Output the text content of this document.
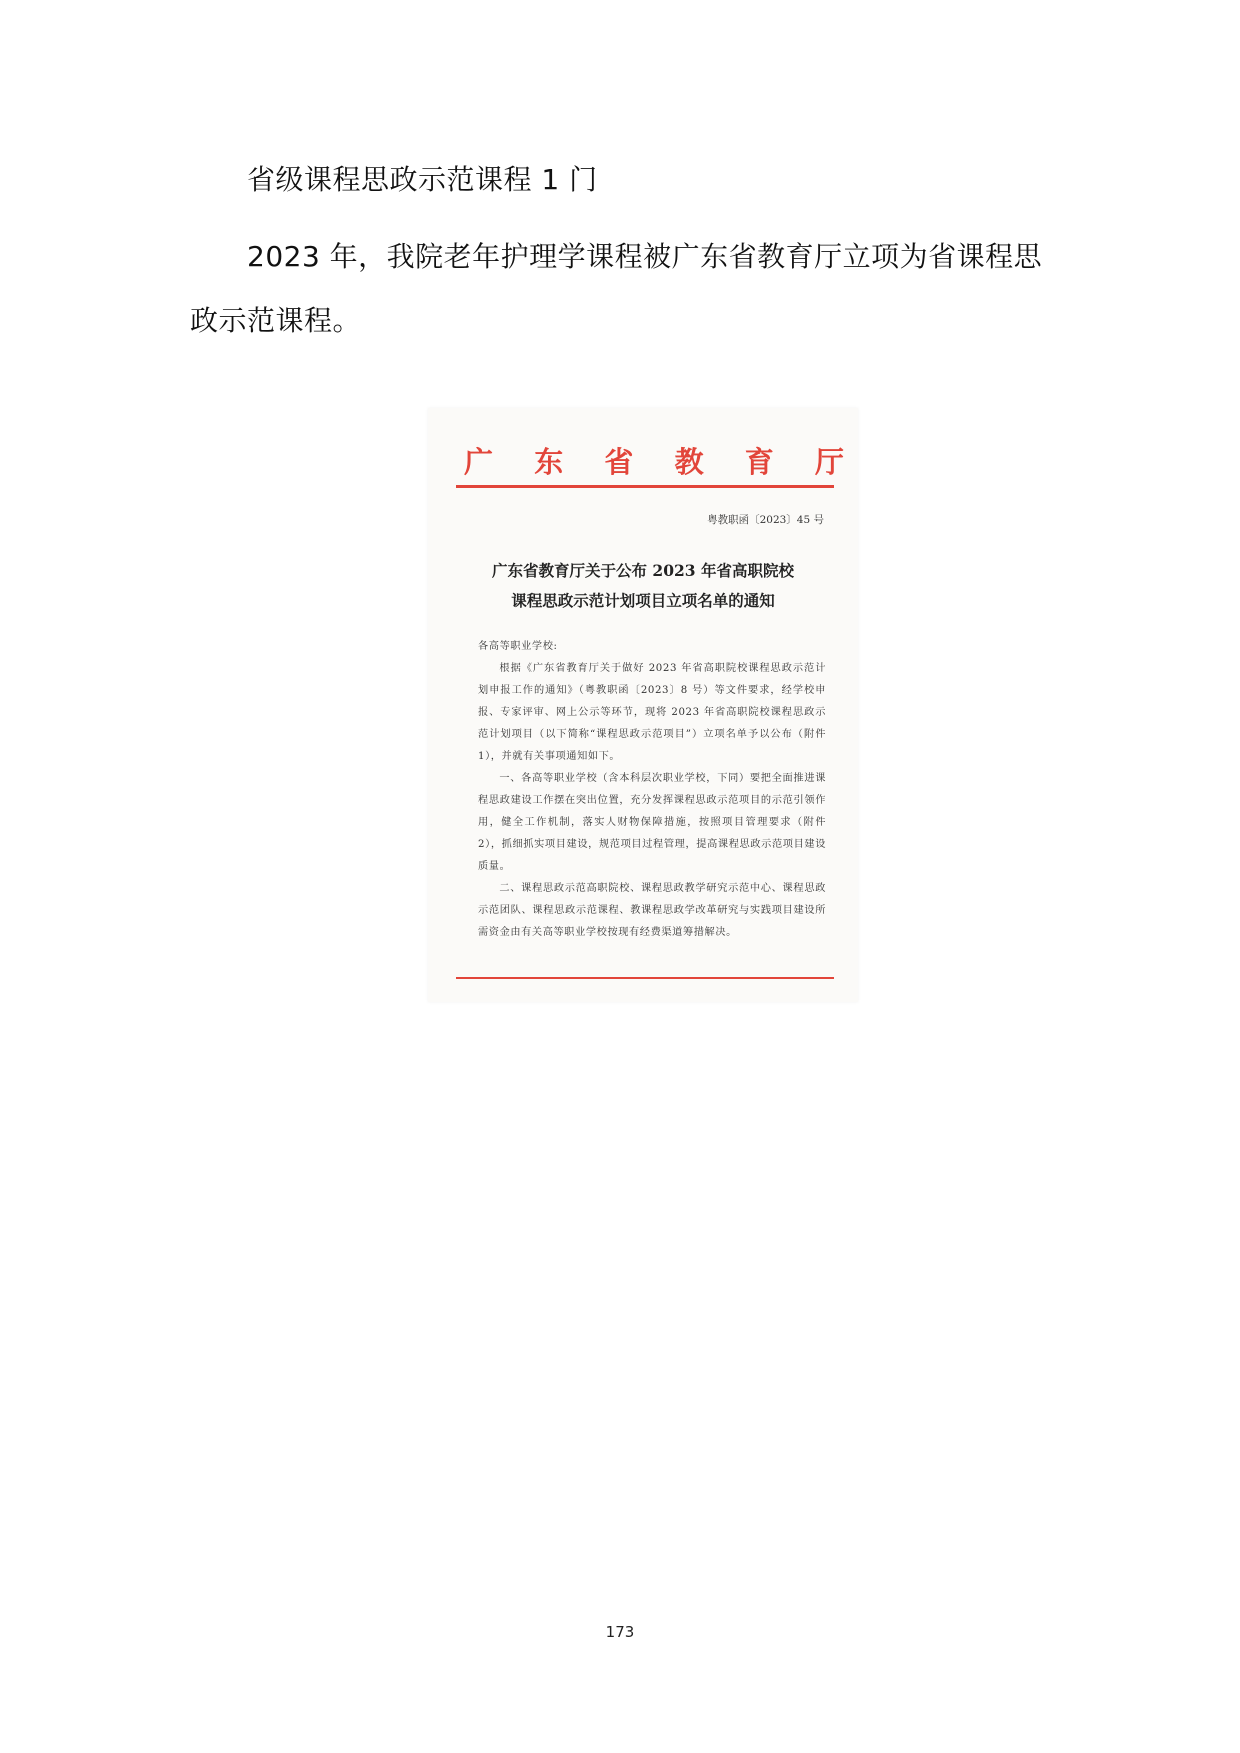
省级课程思政示范课程 1 门

2023 年，我院老年护理学课程被广东省教育厅立项为省课程思政示范课程。

广 东 省 教 育 厅
粤教职函〔2023〕45 号
广东省教育厅关于公布 2023 年省高职院校
课程思政示范计划项目立项名单的通知

各高等职业学校:

根据《广东省教育厅关于做好 2023 年省高职院校课程思政示范计划申报工作的通知》（粤教职函〔2023〕8 号）等文件要求，经学校申报、专家评审、网上公示等环节，现将 2023 年省高职院校课程思政示范计划项目（以下简称“课程思政示范项目”）立项名单予以公布（附件 1），并就有关事项通知如下。

一、各高等职业学校（含本科层次职业学校，下同）要把全面推进课程思政建设工作摆在突出位置，充分发挥课程思政示范项目的示范引领作用，健全工作机制，落实人财物保障措施，按照项目管理要求（附件 2），抓细抓实项目建设，规范项目过程管理，提高课程思政示范项目建设质量。

二、课程思政示范高职院校、课程思政教学研究示范中心、课程思政示范团队、课程思政示范课程、教课程思政学改革研究与实践项目建设所需资金由有关高等职业学校按现有经费渠道筹措解决。

173
